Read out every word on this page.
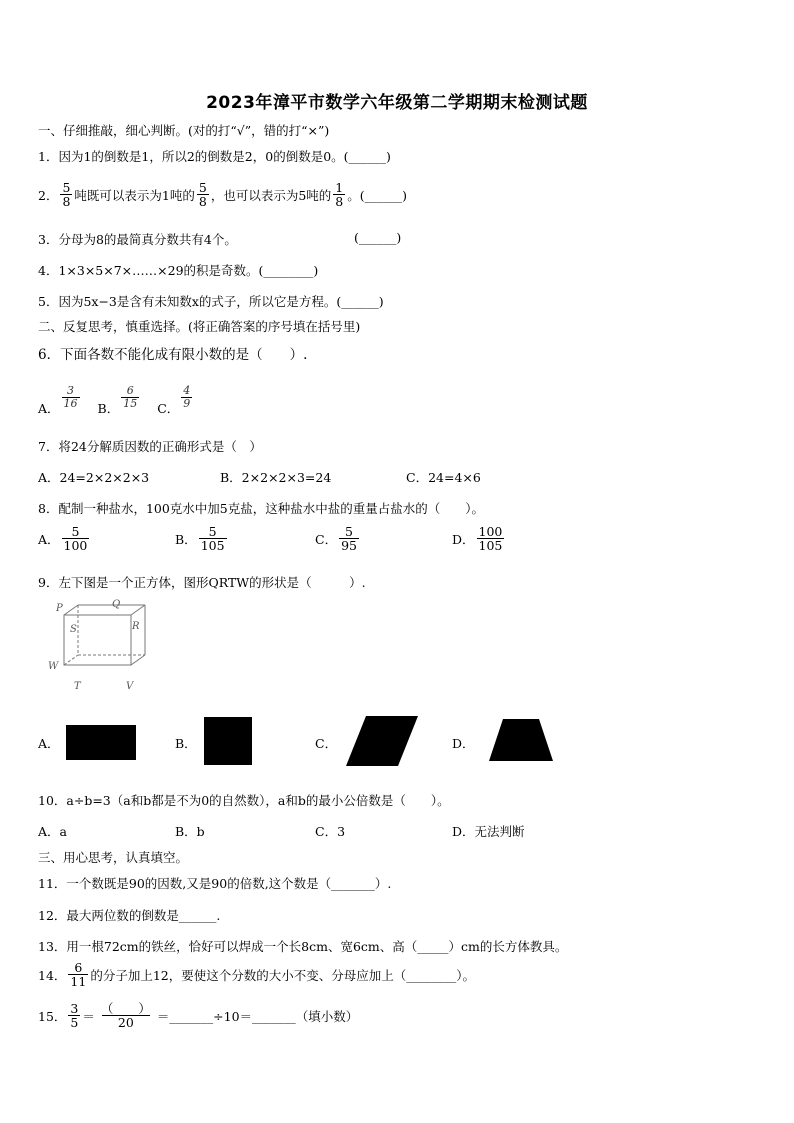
2023年漳平市数学六年级第二学期期末检测试题
一、仔细推敲，细心判断。(对的打“√”，错的打“×”)
1．因为1的倒数是1，所以2的倒数是2，0的倒数是0。(______)
2． $\frac{5}{8}$ 吨既可以表示为1吨的 $\frac{5}{8}$ ，也可以表示为5吨的 $\frac{1}{8}$ 。(______)
3．分母为8的最简真分数共有4个。	(______)
4．1×3×5×7×……×29的积是奇数。(________)
5．因为5x−3是含有未知数x的式子，所以它是方程。(______)
二、反复思考，慎重选择。(将正确答案的序号填在括号里)
6．下面各数不能化成有限小数的是（　　）.
A． $\frac{3}{16}$ B． $\frac{6}{15}$ C． $\frac{4}{9}$
7．将24分解质因数的正确形式是（　）
A．24=2×2×2×3	B．2×2×2×3=24	C．24=4×6
8．配制一种盐水，100克水中加5克盐，这种盐水中盐的重量占盐水的（　　）。
A． $\frac{5}{100}$	B． $\frac{5}{105}$	C． $\frac{5}{95}$	D． $\frac{100}{105}$
9．左下图是一个正方体，图形QRTW的形状是（　　　）.
P	Q
S	R
W
T	V
A．	B．	C．	D．
10．a÷b=3（a和b都是不为0的自然数），a和b的最小公倍数是（　　）。
A．a	B．b	C．3	D．无法判断
三、用心思考，认真填空。
11．一个数既是90的因数,又是90的倍数,这个数是（_______）.
12．最大两位数的倒数是______.
13．用一根72cm的铁丝，恰好可以焊成一个长8cm、宽6cm、高（_____）cm的长方体教具。
14． $\frac{6}{11}$ 的分子加上12，要使这个分数的大小不变、分母应加上（________）。
15． $\frac{3}{5} = \frac{( )}{20}$ ＝_______÷10＝_______（填小数）
